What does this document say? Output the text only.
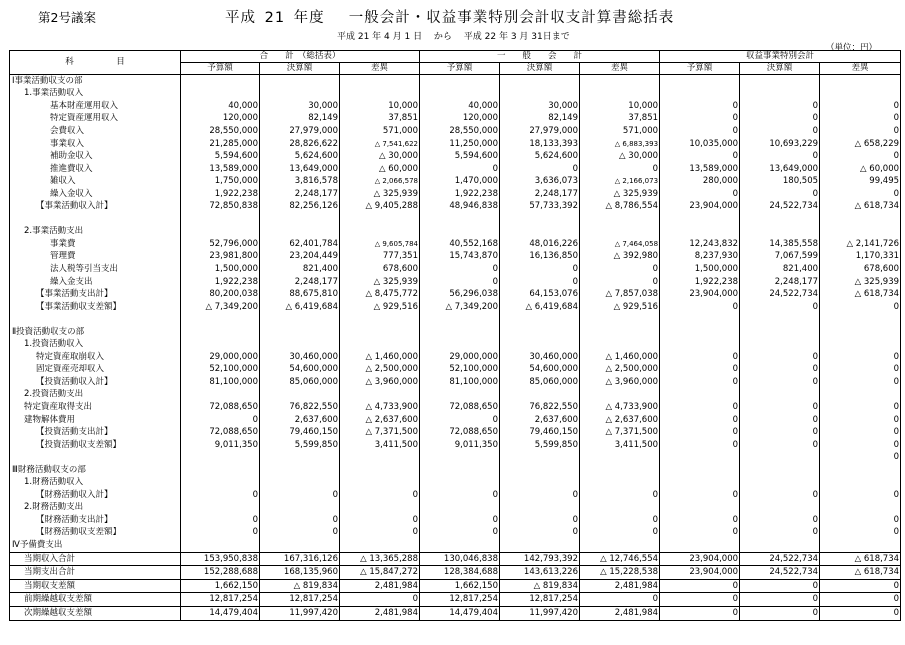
第2号議案	平成 21 年度 　一般会計・収益事業特別会計収支計算書総括表
平成 21 年 4 月 1 日 　から 　平成 22 年 3 月 31日まで
（単位：円）
科　　　　　目	合　　計　（総括表）			一　　般　　会　　計			収益事業特別会計		
	予算額	決算額	差異	予算額	決算額	差異	予算額	決算額	差異
Ⅰ事業活動収支の部									
1.事業活動収入									
基本財産運用収入	40,000	30,000	10,000	40,000	30,000	10,000	0	0	0
特定資産運用収入	120,000	82,149	37,851	120,000	82,149	37,851	0	0	0
会費収入	28,550,000	27,979,000	571,000	28,550,000	27,979,000	571,000	0	0	0
事業収入	21,285,000	28,826,622	△ 7,541,622	11,250,000	18,133,393	△ 6,883,393	10,035,000	10,693,229	△ 658,229
補助金収入	5,594,600	5,624,600	△ 30,000	5,594,600	5,624,600	△ 30,000	0	0	0
推進費収入	13,589,000	13,649,000	△ 60,000	0	0	0	13,589,000	13,649,000	△ 60,000
雑収入	1,750,000	3,816,578	△ 2,066,578	1,470,000	3,636,073	△ 2,166,073	280,000	180,505	99,495
繰入金収入	1,922,238	2,248,177	△ 325,939	1,922,238	2,248,177	△ 325,939	0	0	0
【事業活動収入計】	72,850,838	82,256,126	△ 9,405,288	48,946,838	57,733,392	△ 8,786,554	23,904,000	24,522,734	△ 618,734

2.事業活動支出									
事業費	52,796,000	62,401,784	△ 9,605,784	40,552,168	48,016,226	△ 7,464,058	12,243,832	14,385,558	△ 2,141,726
管理費	23,981,800	23,204,449	777,351	15,743,870	16,136,850	△ 392,980	8,237,930	7,067,599	1,170,331
法人税等引当支出	1,500,000	821,400	678,600	0	0	0	1,500,000	821,400	678,600
繰入金支出	1,922,238	2,248,177	△ 325,939	0	0	0	1,922,238	2,248,177	△ 325,939
【事業活動支出計】	80,200,038	88,675,810	△ 8,475,772	56,296,038	64,153,076	△ 7,857,038	23,904,000	24,522,734	△ 618,734
【事業活動収支差額】	△ 7,349,200	△ 6,419,684	△ 929,516	△ 7,349,200	△ 6,419,684	△ 929,516	0	0	0

Ⅱ投資活動収支の部									
1.投資活動収入									
特定資産取崩収入	29,000,000	30,460,000	△ 1,460,000	29,000,000	30,460,000	△ 1,460,000	0	0	0
固定資産売却収入	52,100,000	54,600,000	△ 2,500,000	52,100,000	54,600,000	△ 2,500,000	0	0	0
【投資活動収入計】	81,100,000	85,060,000	△ 3,960,000	81,100,000	85,060,000	△ 3,960,000	0	0	0
2.投資活動支出									
特定資産取得支出	72,088,650	76,822,550	△ 4,733,900	72,088,650	76,822,550	△ 4,733,900	0	0	0
建物解体費用	0	2,637,600	△ 2,637,600	0	2,637,600	△ 2,637,600	0	0	0
【投資活動支出計】	72,088,650	79,460,150	△ 7,371,500	72,088,650	79,460,150	△ 7,371,500	0	0	0
【投資活動収支差額】	9,011,350	5,599,850	3,411,500	9,011,350	5,599,850	3,411,500	0	0	0
									0
Ⅲ財務活動収支の部									
1.財務活動収入									
【財務活動収入計】	0	0	0	0	0	0	0	0	0
2.財務活動支出									
【財務活動支出計】	0	0	0	0	0	0	0	0	0
【財務活動収支差額】	0	0	0	0	0	0	0	0	0
Ⅳ予備費支出									
当期収入合計	153,950,838	167,316,126	△ 13,365,288	130,046,838	142,793,392	△ 12,746,554	23,904,000	24,522,734	△ 618,734
当期支出合計	152,288,688	168,135,960	△ 15,847,272	128,384,688	143,613,226	△ 15,228,538	23,904,000	24,522,734	△ 618,734
当期収支差額	1,662,150	△ 819,834	2,481,984	1,662,150	△ 819,834	2,481,984	0	0	0
前期繰越収支差額	12,817,254	12,817,254	0	12,817,254	12,817,254	0	0	0	0
次期繰越収支差額	14,479,404	11,997,420	2,481,984	14,479,404	11,997,420	2,481,984	0	0	0
